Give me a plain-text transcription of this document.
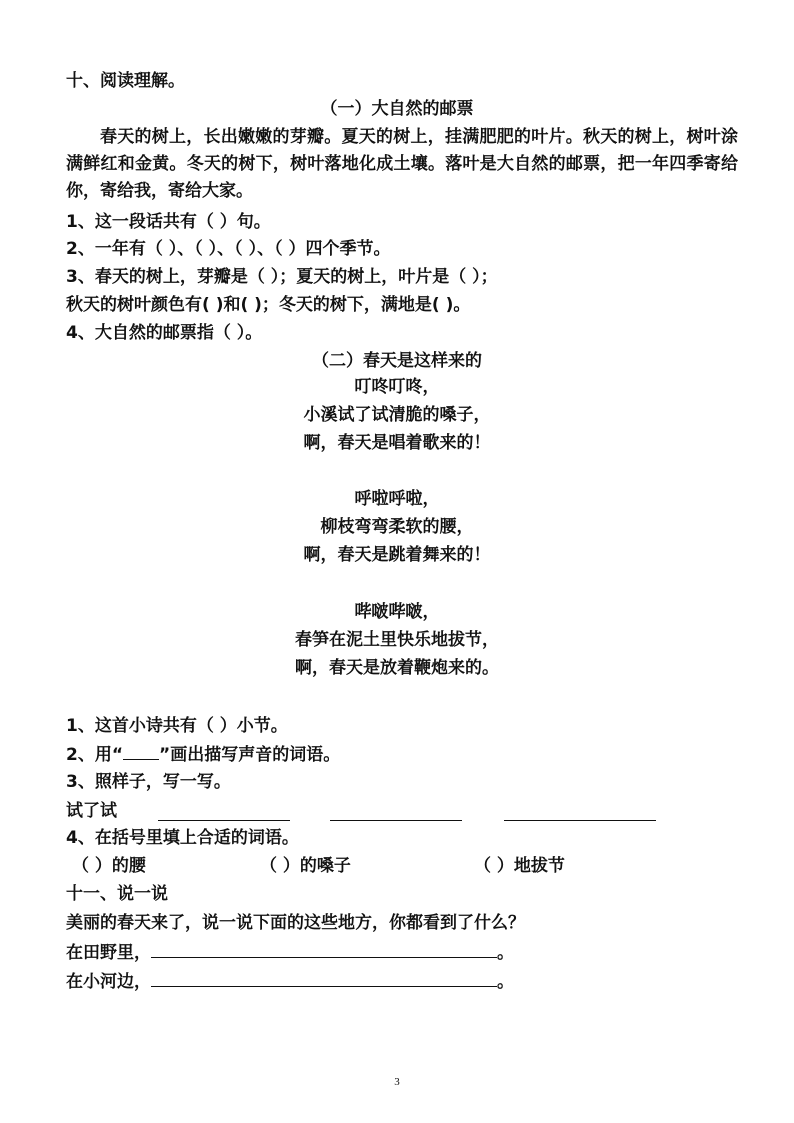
十、阅读理解。
（一）大自然的邮票
春天的树上，长出嫩嫩的芽瓣。夏天的树上，挂满肥肥的叶片。秋天的树上，树叶涂满鲜红和金黄。冬天的树下，树叶落地化成土壤。落叶是大自然的邮票，把一年四季寄给你，寄给我，寄给大家。
1、这一段话共有（ ）句。
2、一年有（ ）、（ ）、（ ）、（ ）四个季节。
3、春天的树上，芽瓣是（ ）；夏天的树上，叶片是（ ）；
秋天的树叶颜色有( )和( )；冬天的树下，满地是( )。
4、大自然的邮票指（ ）。
（二）春天是这样来的
叮咚叮咚，
小溪试了试清脆的嗓子，
啊，春天是唱着歌来的！
呼啦呼啦，
柳枝弯弯柔软的腰，
啊，春天是跳着舞来的！
哔啵哔啵，
春笋在泥土里快乐地拔节，
啊，春天是放着鞭炮来的。
1、这首小诗共有（ ）小节。
2、用“ ”画出描写声音的词语。
3、照样子，写一写。
试了试
4、在括号里填上合适的词语。
（ ）的腰	（ ）的嗓子	（ ）地拔节
十一、说一说
美丽的春天来了，说一说下面的这些地方，你都看到了什么？
在田野里，	。
在小河边，	。
3
